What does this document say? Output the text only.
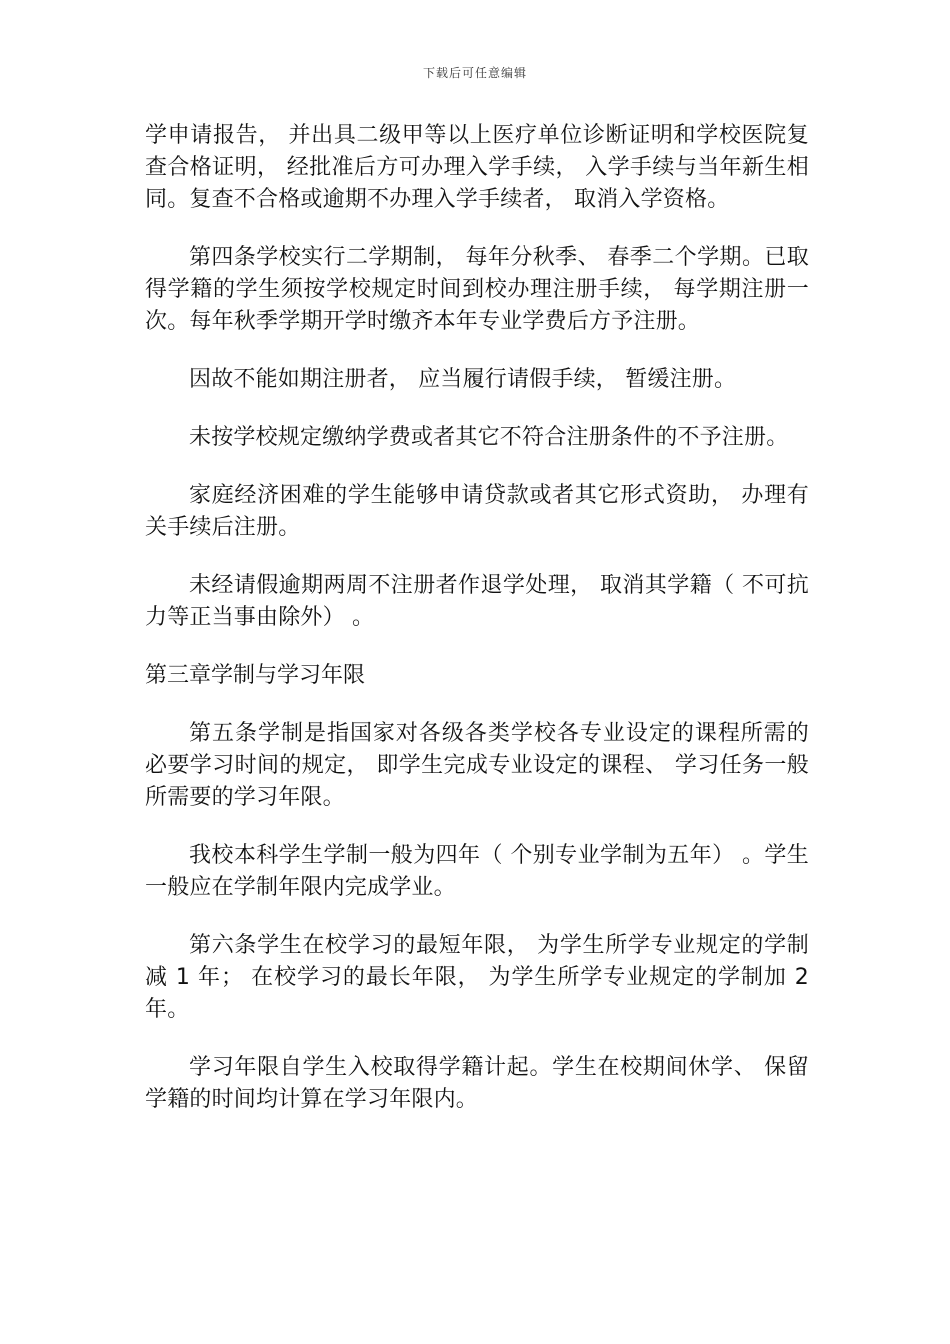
下载后可任意编辑

学申请报告， 并出具二级甲等以上医疗单位诊断证明和学校医院复查合格证明， 经批准后方可办理入学手续， 入学手续与当年新生相同。复查不合格或逾期不办理入学手续者， 取消入学资格。

第四条学校实行二学期制， 每年分秋季、 春季二个学期。已取得学籍的学生须按学校规定时间到校办理注册手续， 每学期注册一次。每年秋季学期开学时缴齐本年专业学费后方予注册。

因故不能如期注册者， 应当履行请假手续， 暂缓注册。

未按学校规定缴纳学费或者其它不符合注册条件的不予注册。

家庭经济困难的学生能够申请贷款或者其它形式资助， 办理有关手续后注册。

未经请假逾期两周不注册者作退学处理， 取消其学籍（ 不可抗力等正当事由除外） 。

第三章学制与学习年限

第五条学制是指国家对各级各类学校各专业设定的课程所需的必要学习时间的规定， 即学生完成专业设定的课程、 学习任务一般所需要的学习年限。

我校本科学生学制一般为四年（ 个别专业学制为五年） 。学生一般应在学制年限内完成学业。

第六条学生在校学习的最短年限， 为学生所学专业规定的学制减 1 年； 在校学习的最长年限， 为学生所学专业规定的学制加 2 年。

学习年限自学生入校取得学籍计起。学生在校期间休学、 保留学籍的时间均计算在学习年限内。
